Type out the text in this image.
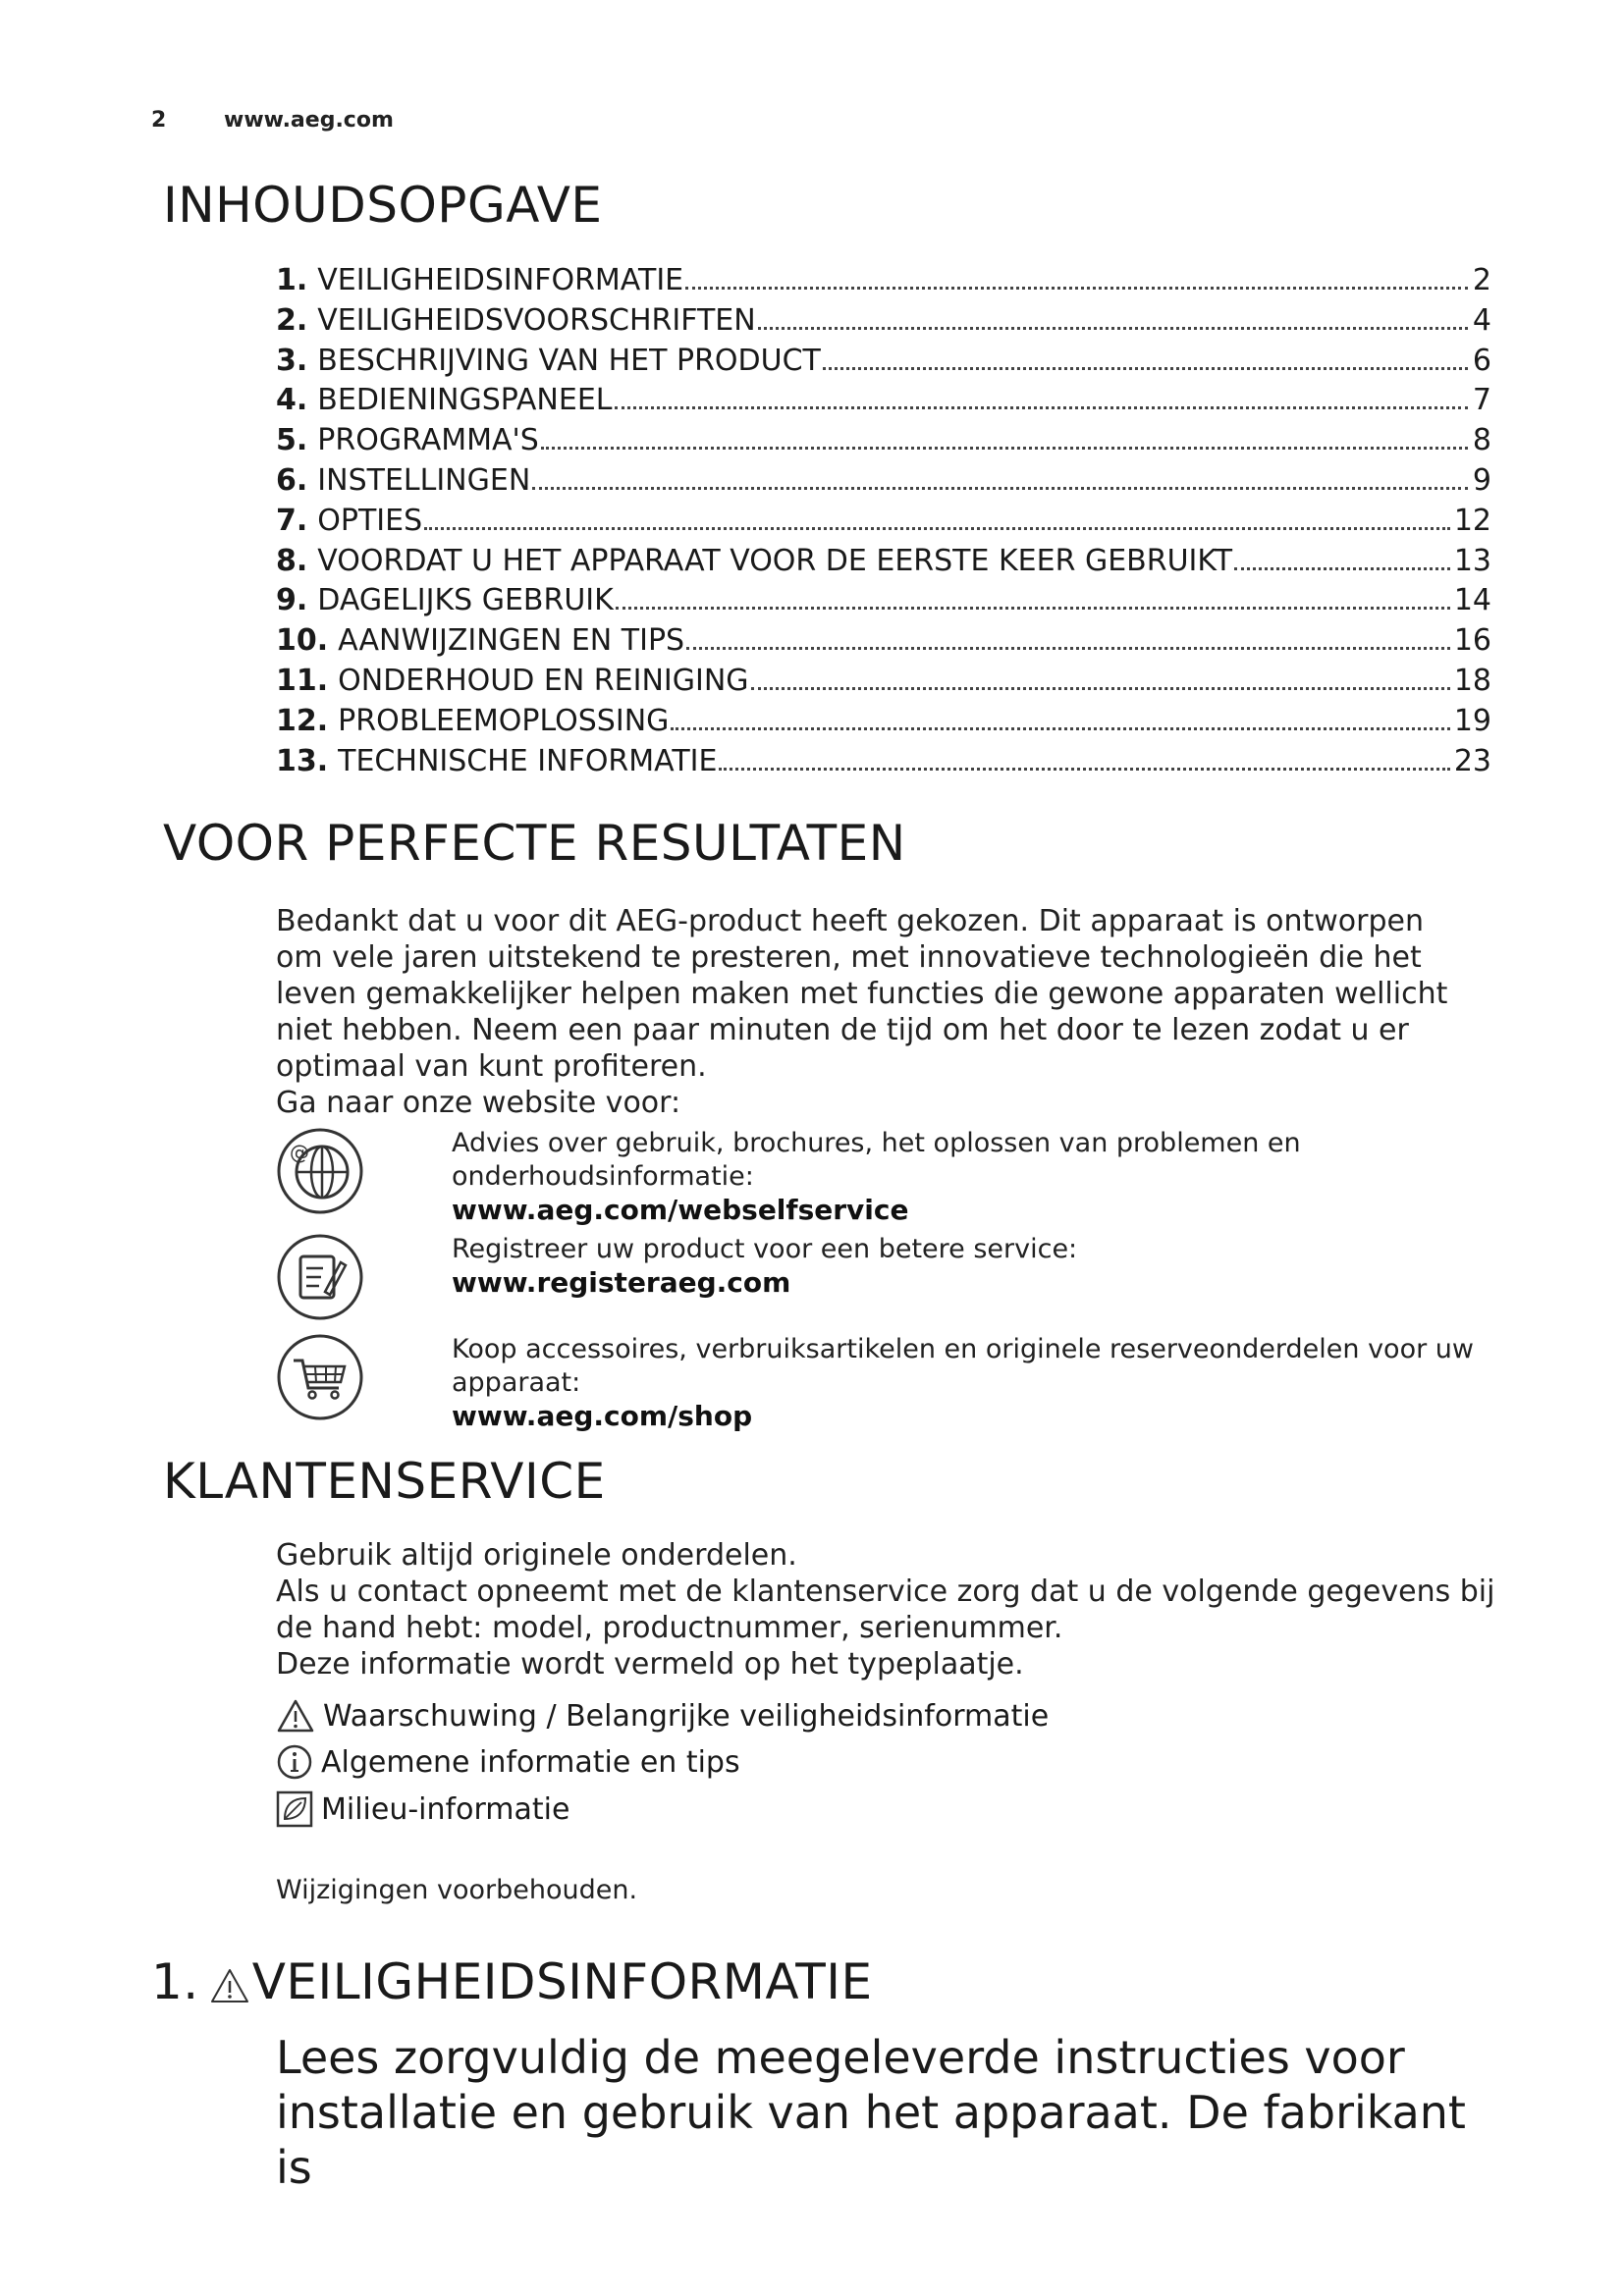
2	www.aeg.com
INHOUDSOPGAVE
1. VEILIGHEIDSINFORMATIE	2
2. VEILIGHEIDSVOORSCHRIFTEN	4
3. BESCHRIJVING VAN HET PRODUCT	6
4. BEDIENINGSPANEEL	7
5. PROGRAMMA'S	8
6. INSTELLINGEN	9
7. OPTIES	12
8. VOORDAT U HET APPARAAT VOOR DE EERSTE KEER GEBRUIKT	13
9. DAGELIJKS GEBRUIK	14
10. AANWIJZINGEN EN TIPS	16
11. ONDERHOUD EN REINIGING	18
12. PROBLEEMOPLOSSING	19
13. TECHNISCHE INFORMATIE	23
VOOR PERFECTE RESULTATEN
Bedankt dat u voor dit AEG-product heeft gekozen. Dit apparaat is ontworpen om vele jaren uitstekend te presteren, met innovatieve technologieën die het leven gemakkelijker helpen maken met functies die gewone apparaten wellicht niet hebben. Neem een paar minuten de tijd om het door te lezen zodat u er optimaal van kunt profiteren.
Ga naar onze website voor:
@	Advies over gebruik, brochures, het oplossen van problemen en onderhoudsinformatie:
www.aeg.com/webselfservice
Registreer uw product voor een betere service:
www.registeraeg.com
Koop accessoires, verbruiksartikelen en originele reserveonderdelen voor uw apparaat:
www.aeg.com/shop
KLANTENSERVICE
Gebruik altijd originele onderdelen.
Als u contact opneemt met de klantenservice zorg dat u de volgende gegevens bij de hand hebt: model, productnummer, serienummer.
Deze informatie wordt vermeld op het typeplaatje.
Waarschuwing / Belangrijke veiligheidsinformatie
Algemene informatie en tips
Milieu-informatie
Wijzigingen voorbehouden.
1. VEILIGHEIDSINFORMATIE
Lees zorgvuldig de meegeleverde instructies voor installatie en gebruik van het apparaat. De fabrikant is
